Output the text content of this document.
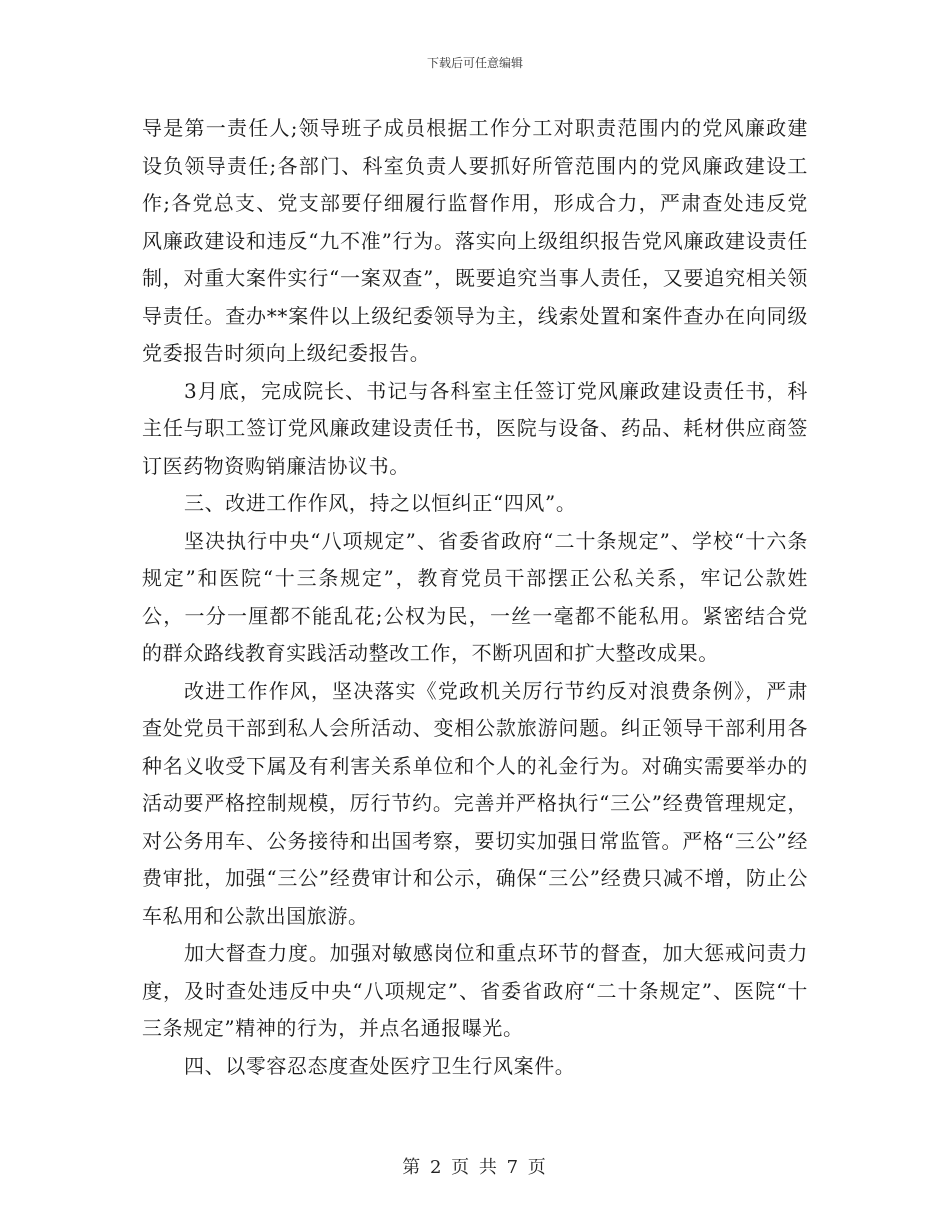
下载后可任意编辑

导是第一责任人;领导班子成员根据工作分工对职责范围内的党风廉政建设负领导责任;各部门、科室负责人要抓好所管范围内的党风廉政建设工作;各党总支、党支部要仔细履行监督作用，形成合力，严肃查处违反党风廉政建设和违反“九不准”行为。落实向上级组织报告党风廉政建设责任制，对重大案件实行“一案双查”，既要追究当事人责任，又要追究相关领导责任。查办**案件以上级纪委领导为主，线索处置和案件查办在向同级党委报告时须向上级纪委报告。

3月底，完成院长、书记与各科室主任签订党风廉政建设责任书，科主任与职工签订党风廉政建设责任书，医院与设备、药品、耗材供应商签订医药物资购销廉洁协议书。

三、改进工作作风，持之以恒纠正“四风”。

坚决执行中央“八项规定”、省委省政府“二十条规定”、学校“十六条规定”和医院“十三条规定”，教育党员干部摆正公私关系，牢记公款姓公，一分一厘都不能乱花;公权为民，一丝一毫都不能私用。紧密结合党的群众路线教育实践活动整改工作，不断巩固和扩大整改成果。

改进工作作风，坚决落实《党政机关厉行节约反对浪费条例》，严肃查处党员干部到私人会所活动、变相公款旅游问题。纠正领导干部利用各种名义收受下属及有利害关系单位和个人的礼金行为。对确实需要举办的活动要严格控制规模，厉行节约。完善并严格执行“三公”经费管理规定，对公务用车、公务接待和出国考察，要切实加强日常监管。严格“三公”经费审批，加强“三公”经费审计和公示，确保“三公”经费只减不增，防止公车私用和公款出国旅游。

加大督查力度。加强对敏感岗位和重点环节的督查，加大惩戒问责力度，及时查处违反中央“八项规定”、省委省政府“二十条规定”、医院“十三条规定”精神的行为，并点名通报曝光。

四、以零容忍态度查处医疗卫生行风案件。

第 2 页 共 7 页
